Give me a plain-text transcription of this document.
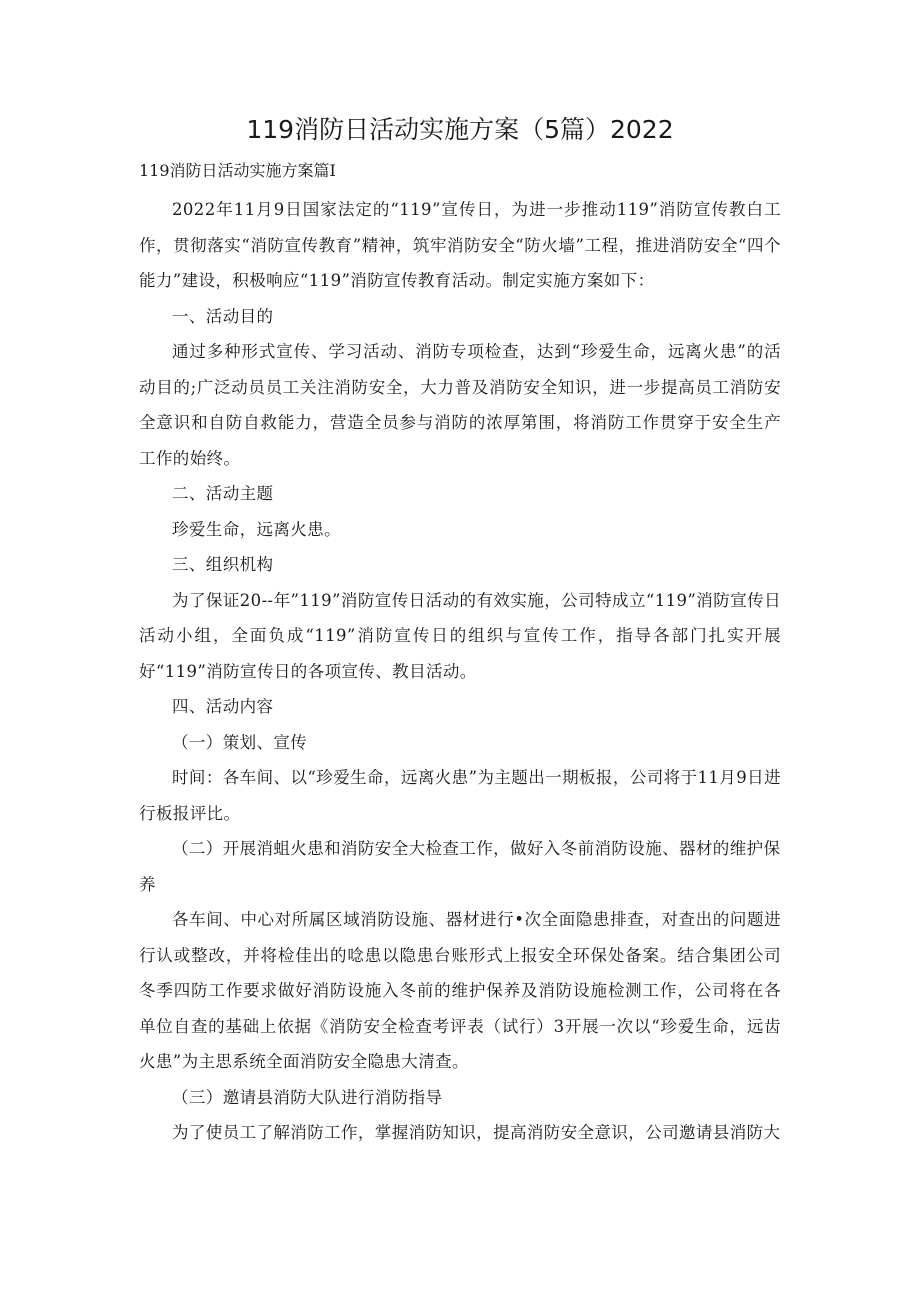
119消防日活动实施方案（5篇）2022
119消防日活动实施方案篇I

2022年11月9日国家法定的“119”宣传日，为进一步推动119”消防宣传教白工作，贯彻落实“消防宣传教育”精神，筑牢消防安全“防火墙”工程，推进消防安全“四个能力”建设，积极响应“119”消防宣传教育活动。制定实施方案如下：

一、活动目的

通过多种形式宣传、学习活动、消防专项检查，达到“珍爱生命，远离火患”的活动目的;广泛动员员工关注消防安全，大力普及消防安全知识，进一步提高员工消防安全意识和自防自救能力，营造全员参与消防的浓厚第围，将消防工作贯穿于安全生产工作的始终。

二、活动主题

珍爱生命，远离火患。

三、组织机构

为了保证20--年”119”消防宣传日活动的有效实施，公司特成立“119”消防宣传日活动小组，全面负成“119”消防宣传日的组织与宣传工作，指导各部门扎实开展好“119”消防宣传日的各项宣传、教目活动。

四、活动内容

（一）策划、宣传

时间：各车间、以“珍爱生命，远离火患”为主题出一期板报，公司将于11月9日进行板报评比。

（二）开展消蛆火患和消防安全大检查工作，做好入冬前消防设施、器材的维护保养

各车间、中心对所属区域消防设施、器材进行•次全面隐患排查，对查出的问题进行认或整改，并将检佳出的唸患以隐患台账形式上报安全环保处备案。结合集团公司冬季四防工作要求做好消防设施入冬前的维护保养及消防设施检测工作，公司将在各单位自查的基础上依据《消防安全检查考评表（试行）3开展一次以“珍爱生命，远齿火患”为主思系统全面消防安全隐患大清查。

（三）邀请县消防大队进行消防指导

为了使员工了解消防工作，掌握消防知识，提高消防安全意识，公司邀请县消防大
